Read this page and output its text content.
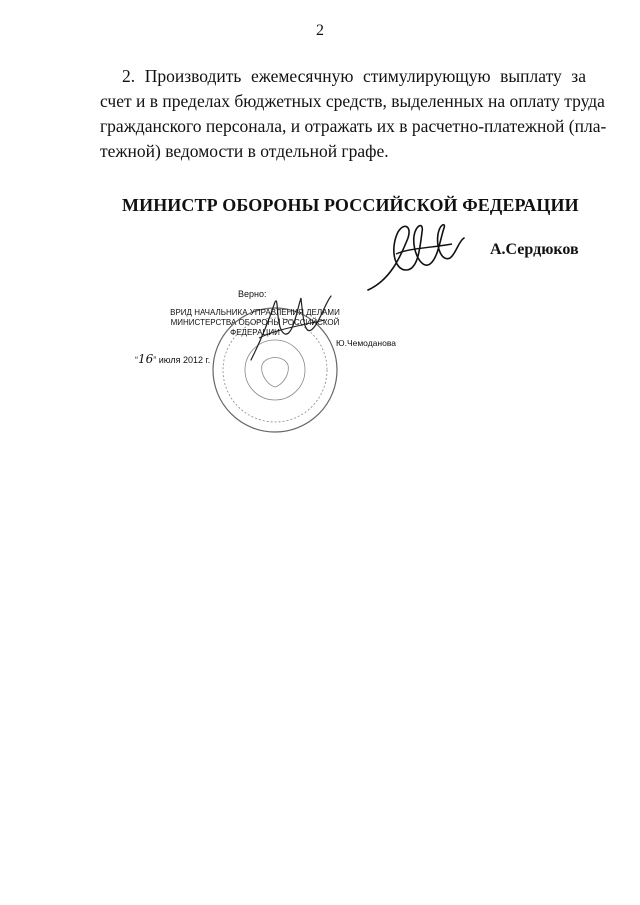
2
2. Производить ежемесячную стимулирующую выплату за
счет и в пределах бюджетных средств, выделенных на оплату труда
гражданского персонала, и отражать их в расчетно-платежной (пла-
тежной) ведомости в отдельной графе.
МИНИСТР ОБОРОНЫ РОССИЙСКОЙ ФЕДЕРАЦИИ
А.Сердюков
Верно:
ВРИД НАЧАЛЬНИКА УПРАВЛЕНИЯ ДЕЛАМИ
МИНИСТЕРСТВА ОБОРОНЫ РОССИЙСКОЙ ФЕДЕРАЦИИ
“16” июля 2012 г.
Ю.Чемоданова
